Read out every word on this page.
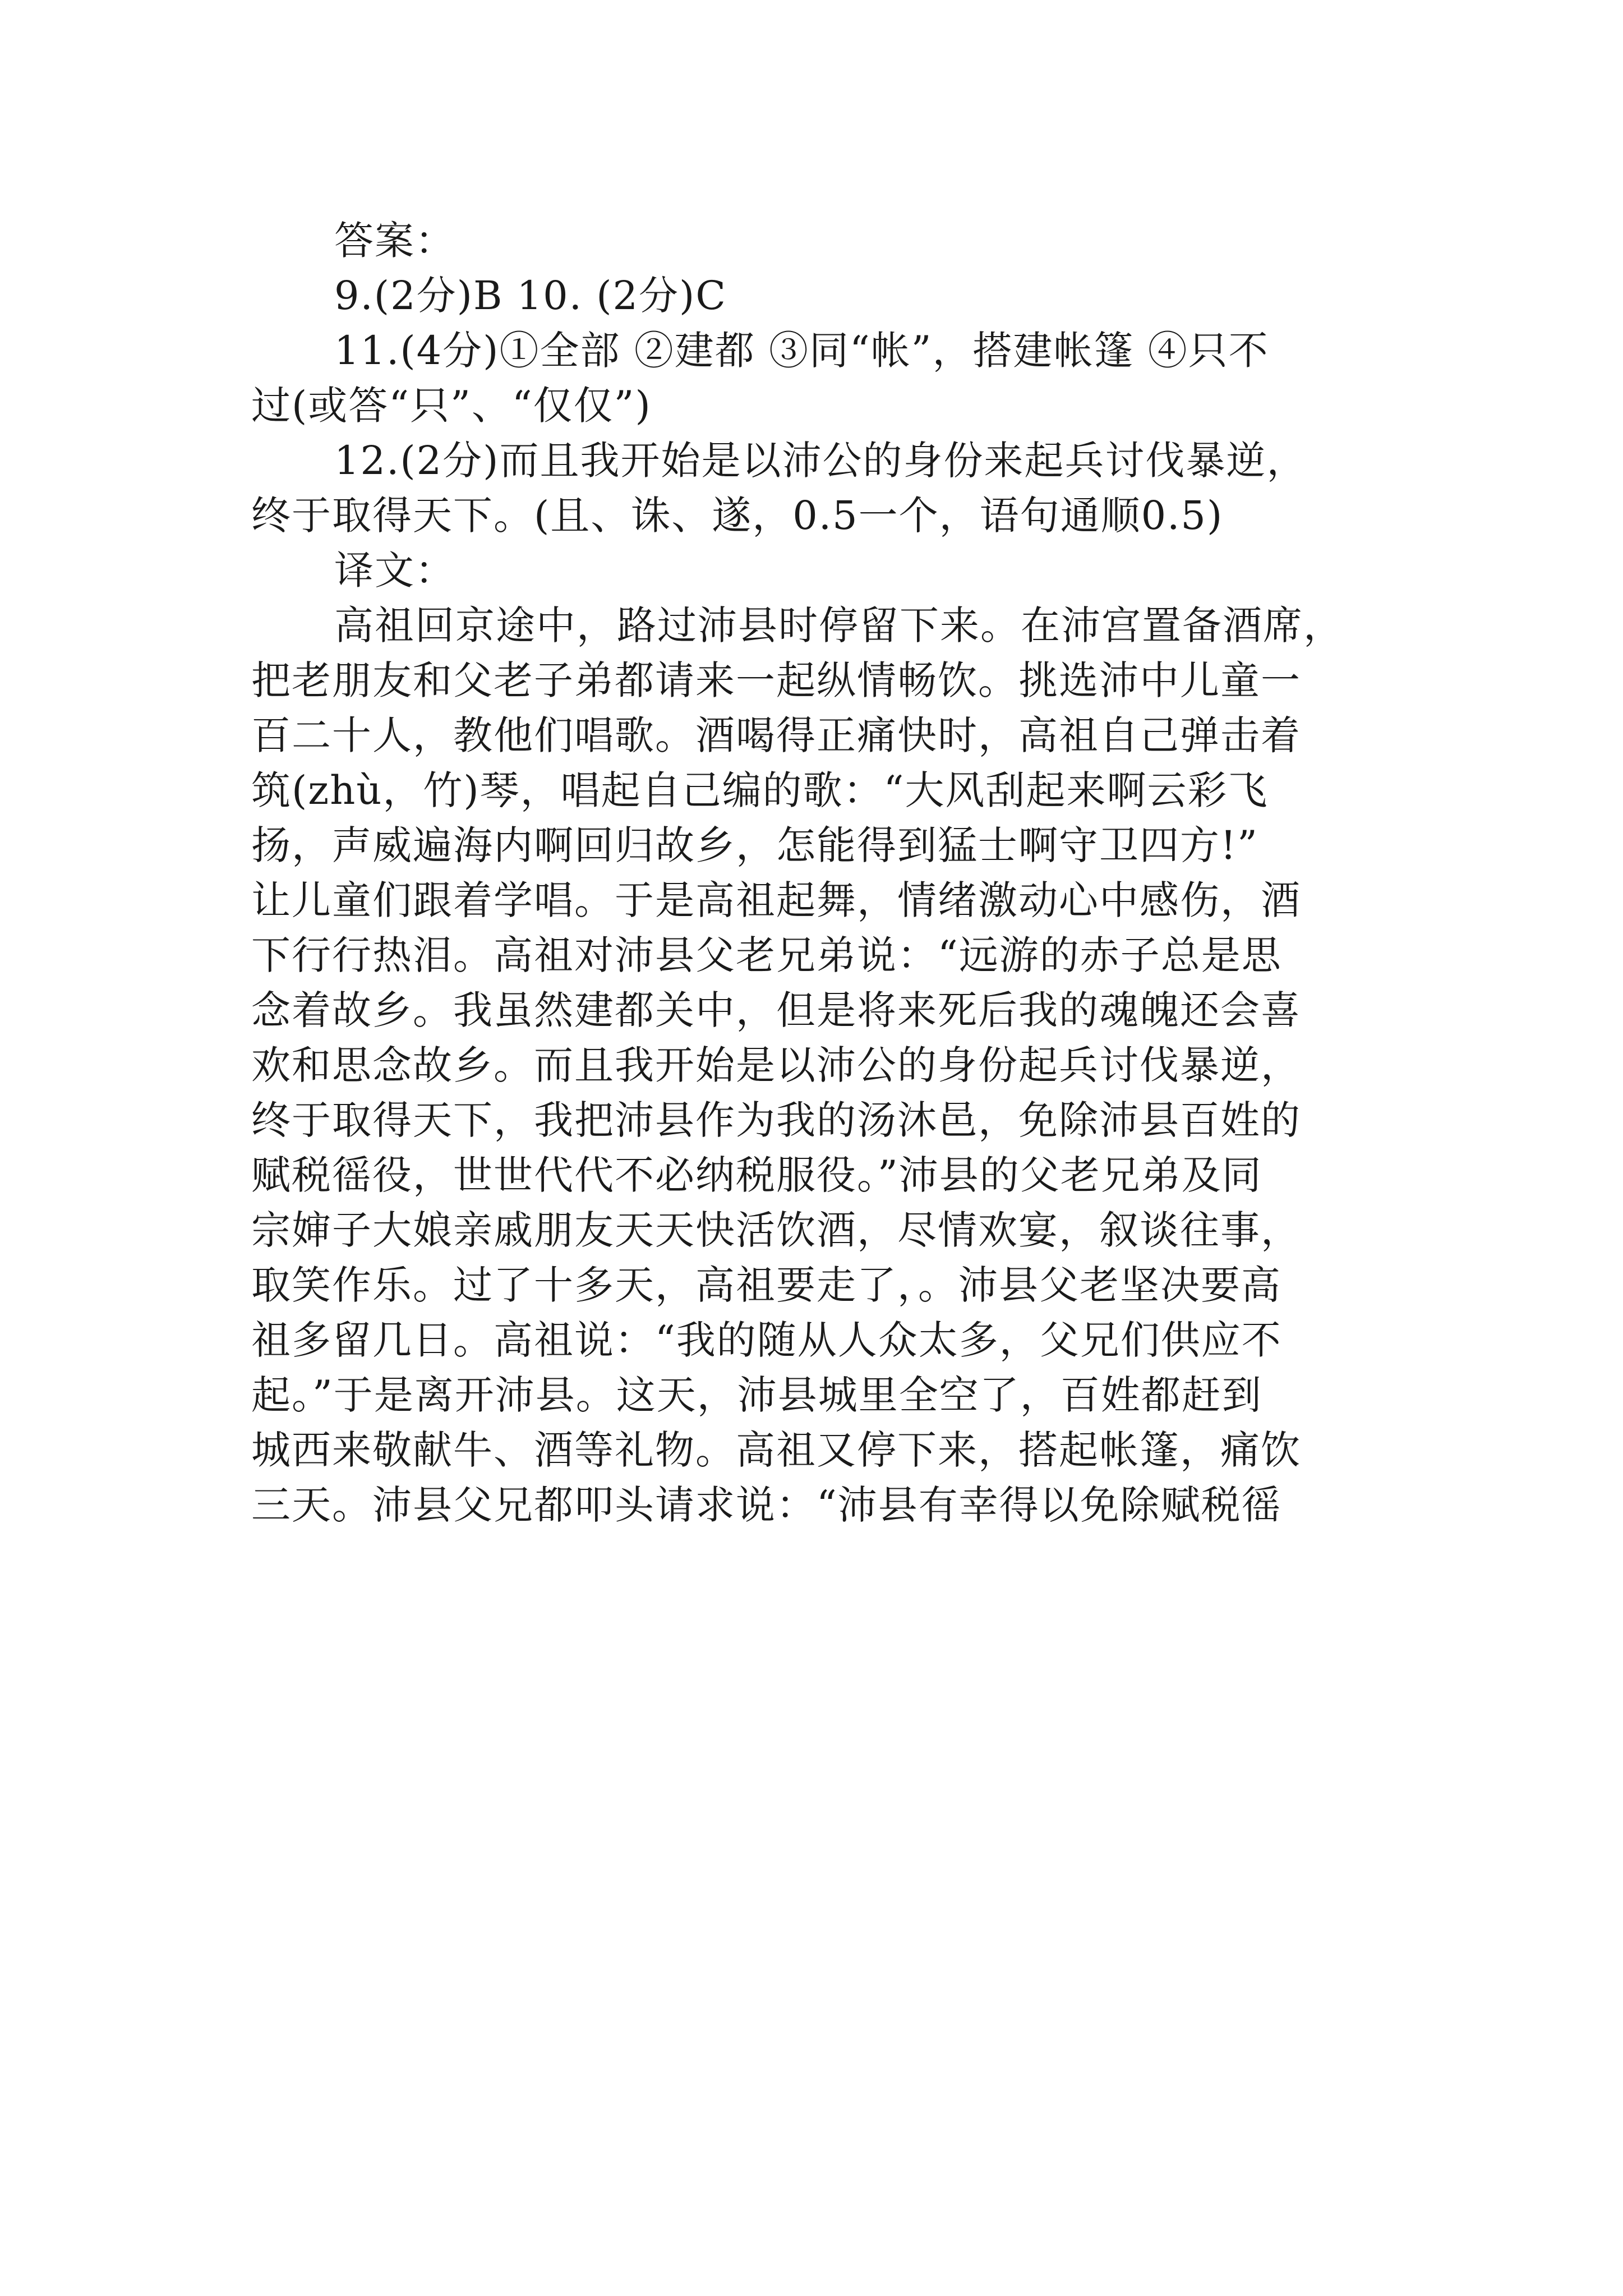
答案：
9.(2分)B 10. (2分)C
11.(4分)①全部 ②建都 ③同“帐”，搭建帐篷 ④只不
过(或答“只”、“仅仅”)
12.(2分)而且我开始是以沛公的身份来起兵讨伐暴逆，
终于取得天下。(且、诛、遂，0.5一个，语句通顺0.5)
译文：
高祖回京途中，路过沛县时停留下来。在沛宫置备酒席，
把老朋友和父老子弟都请来一起纵情畅饮。挑选沛中儿童一
百二十人，教他们唱歌。酒喝得正痛快时，高祖自己弹击着
筑(zhù，竹)琴，唱起自己编的歌：“大风刮起来啊云彩飞
扬，声威遍海内啊回归故乡，怎能得到猛士啊守卫四方!”
让儿童们跟着学唱。于是高祖起舞，情绪激动心中感伤，酒
下行行热泪。高祖对沛县父老兄弟说：“远游的赤子总是思
念着故乡。我虽然建都关中，但是将来死后我的魂魄还会喜
欢和思念故乡。而且我开始是以沛公的身份起兵讨伐暴逆，
终于取得天下，我把沛县作为我的汤沐邑，免除沛县百姓的
赋税徭役，世世代代不必纳税服役。”沛县的父老兄弟及同
宗婶子大娘亲戚朋友天天快活饮酒，尽情欢宴，叙谈往事，
取笑作乐。过了十多天，高祖要走了，。沛县父老坚决要高
祖多留几日。高祖说：“我的随从人众太多，父兄们供应不
起。”于是离开沛县。这天，沛县城里全空了，百姓都赶到
城西来敬献牛、酒等礼物。高祖又停下来，搭起帐篷，痛饮
三天。沛县父兄都叩头请求说：“沛县有幸得以免除赋税徭
